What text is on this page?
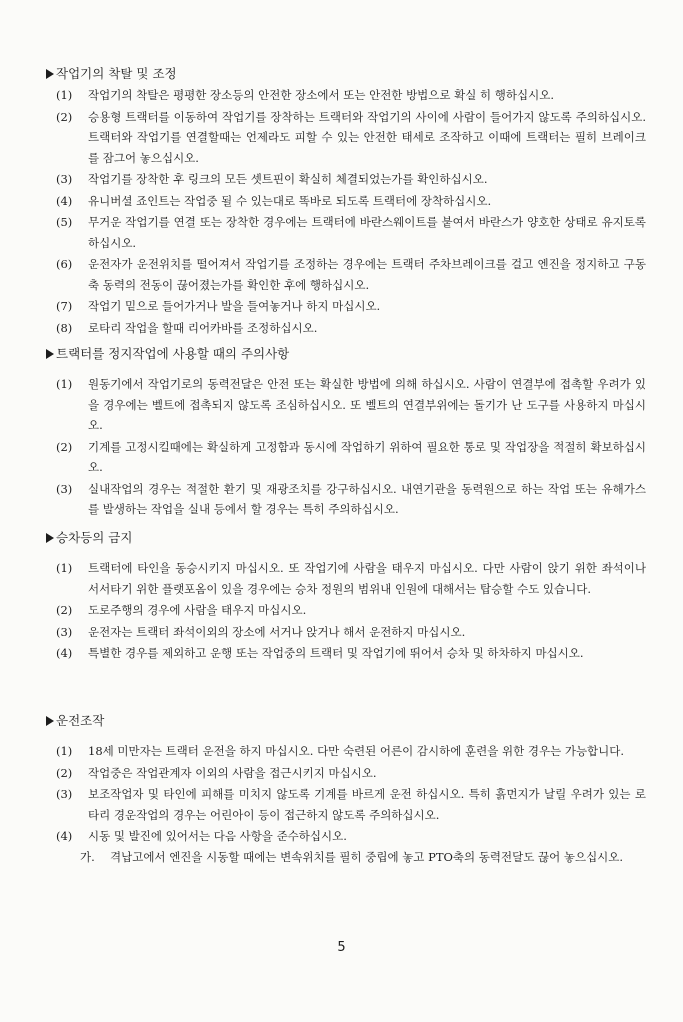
작업기의 착탈 및 조정
(1)	작업기의 착탈은 평평한 장소등의 안전한 장소에서 또는 안전한 방법으로 확실 히 행하십시오.
(2)	승용형 트랙터를 이동하여 작업기를 장착하는 트랙터와 작업기의 사이에 사람이 들어가지 않도록 주의하십시오. 트랙터와 작업기를 연결할때는 언제라도 피할 수 있는 안전한 태세로 조작하고 이때에 트랙터는 필히 브레이크를 잠그어 놓으십시오.
(3)	작업기를 장착한 후 링크의 모든 셋트핀이 확실히 체결되었는가를 확인하십시오.
(4)	유니버셜 죠인트는 작업중 될 수 있는대로 똑바로 되도록 트랙터에 장착하십시오.
(5)	무거운 작업기를 연결 또는 장착한 경우에는 트랙터에 바란스웨이트를 붙여서 바란스가 양호한 상태로 유지토록 하십시오.
(6)	운전자가 운전위치를 떨어져서 작업기를 조정하는 경우에는 트랙터 주차브레이크를 걸고 엔진을 정지하고 구동축 동력의 전동이 끊어졌는가를 확인한 후에 행하십시오.
(7)	작업기 밑으로 들어가거나 발을 들여놓거나 하지 마십시오.
(8)	로타리 작업을 할때 리어카바를 조정하십시오.
트랙터를 정지작업에 사용할 때의 주의사항
(1)	원동기에서 작업기로의 동력전달은 안전 또는 확실한 방법에 의해 하십시오. 사람이 연결부에 접촉할 우려가 있을 경우에는 벨트에 접촉되지 않도록 조심하십시오. 또 벨트의 연결부위에는 돌기가 난 도구를 사용하지 마십시오.
(2)	기계를 고정시킬때에는 확실하게 고정함과 동시에 작업하기 위하여 필요한 통로 및 작업장을 적절히 확보하십시오.
(3)	실내작업의 경우는 적절한 환기 및 재광조치를 강구하십시오. 내연기관을 동력원으로 하는 작업 또는 유해가스를 발생하는 작업을 실내 등에서 할 경우는 특히 주의하십시오.
승차등의 금지
(1)	트랙터에 타인을 동승시키지 마십시오. 또 작업기에 사람을 태우지 마십시오. 다만 사람이 앉기 위한 좌석이나 서서타기 위한 플랫포옴이 있을 경우에는 승차 정원의 범위내 인원에 대해서는 탑승할 수도 있습니다.
(2)	도로주행의 경우에 사람을 태우지 마십시오.
(3)	운전자는 트랙터 좌석이외의 장소에 서거나 앉거나 해서 운전하지 마십시오.
(4)	특별한 경우를 제외하고 운행 또는 작업중의 트랙터 및 작업기에 뛰어서 승차 및 하차하지 마십시오.
운전조작
(1)	18세 미만자는 트랙터 운전을 하지 마십시오. 다만 숙련된 어른이 감시하에 훈련을 위한 경우는 가능합니다.
(2)	작업중은 작업관계자 이외의 사람을 접근시키지 마십시오.
(3)	보조작업자 및 타인에 피해를 미치지 않도록 기계를 바르게 운전 하십시오. 특히 흙먼지가 날릴 우려가 있는 로타리 경운작업의 경우는 어린아이 등이 접근하지 않도록 주의하십시오.
(4)	시동 및 발진에 있어서는 다음 사항을 준수하십시오.
가.	격납고에서 엔진을 시동할 때에는 변속위치를 필히 중립에 놓고 PTO축의 동력전달도 끊어 놓으십시오.
5
